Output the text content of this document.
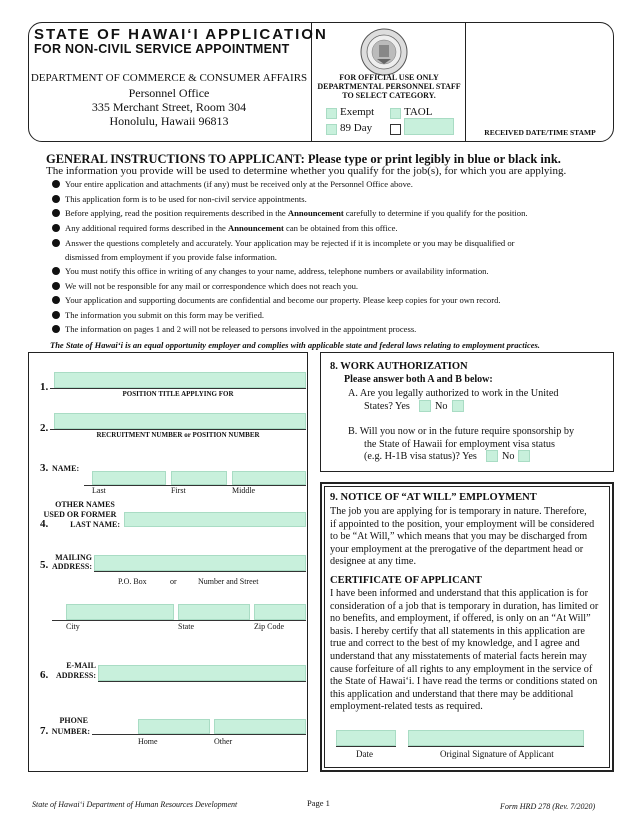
STATE OF HAWAI‘I APPLICATION
FOR NON-CIVIL SERVICE APPOINTMENT
DEPARTMENT OF COMMERCE & CONSUMER AFFAIRS
Personnel Office
335 Merchant Street, Room 304
Honolulu, Hawaii 96813
FOR OFFICIAL USE ONLY
DEPARTMENTAL PERSONNEL STAFF
TO SELECT CATEGORY.
Exempt	TAOL
89 Day	RECEIVED DATE/TIME STAMP
GENERAL INSTRUCTIONS TO APPLICANT: Please type or print legibly in blue or black ink.
The information you provide will be used to determine whether you qualify for the job(s), for which you are applying.
Your entire application and attachments (if any) must be received only at the Personnel Office above.
This application form is to be used for non-civil service appointments.
Before applying, read the position requirements described in the Announcement carefully to determine if you qualify for the position.
Any additional required forms described in the Announcement can be obtained from this office.
Answer the questions completely and accurately. Your application may be rejected if it is incomplete or you may be disqualified or
dismissed from employment if you provide false information.
You must notify this office in writing of any changes to your name, address, telephone numbers or availability information.
We will not be responsible for any mail or correspondence which does not reach you.
Your application and supporting documents are confidential and become our property. Please keep copies for your own record.
The information you submit on this form may be verified.
The information on pages 1 and 2 will not be released to persons involved in the appointment process.
The State of Hawai‘i is an equal opportunity employer and complies with applicable state and federal laws relating to employment practices.
1.
POSITION TITLE APPLYING FOR
2.
RECRUITMENT NUMBER or POSITION NUMBER
3. NAME:
Last	First	Middle
OTHER NAMES
USED OR FORMER
4.	LAST NAME:
MAILING
5. ADDRESS:
P.O. Box	or	Number and Street
City	State	Zip Code
E-MAIL
6. ADDRESS:
PHONE
7. NUMBER:
Home	Other
8. WORK AUTHORIZATION
Please answer both A and B below:
A. Are you legally authorized to work in the United
States? Yes No
B. Will you now or in the future require sponsorship by
the State of Hawaii for employment visa status
(e.g. H-1B visa status)? Yes No
9. NOTICE OF “AT WILL” EMPLOYMENT
The job you are applying for is temporary in nature. Therefore,
if appointed to the position, your employment will be considered
to be “At Will,” which means that you may be discharged from
your employment at the prerogative of the department head or
designee at any time.
CERTIFICATE OF APPLICANT
I have been informed and understand that this application is for
consideration of a job that is temporary in duration, has limited or
no benefits, and employment, if offered, is only on an “At Will”
basis. I hereby certify that all statements in this application are
true and correct to the best of my knowledge, and I agree and
understand that any misstatements of material facts herein may
cause forfeiture of all rights to any employment in the service of
the State of Hawai‘i. I have read the terms or conditions stated on
this application and understand that there may be additional
employment-related tests as required.
Date	Original Signature of Applicant
State of Hawai‘i Department of Human Resources Development	Page 1	Form HRD 278 (Rev. 7/2020)
